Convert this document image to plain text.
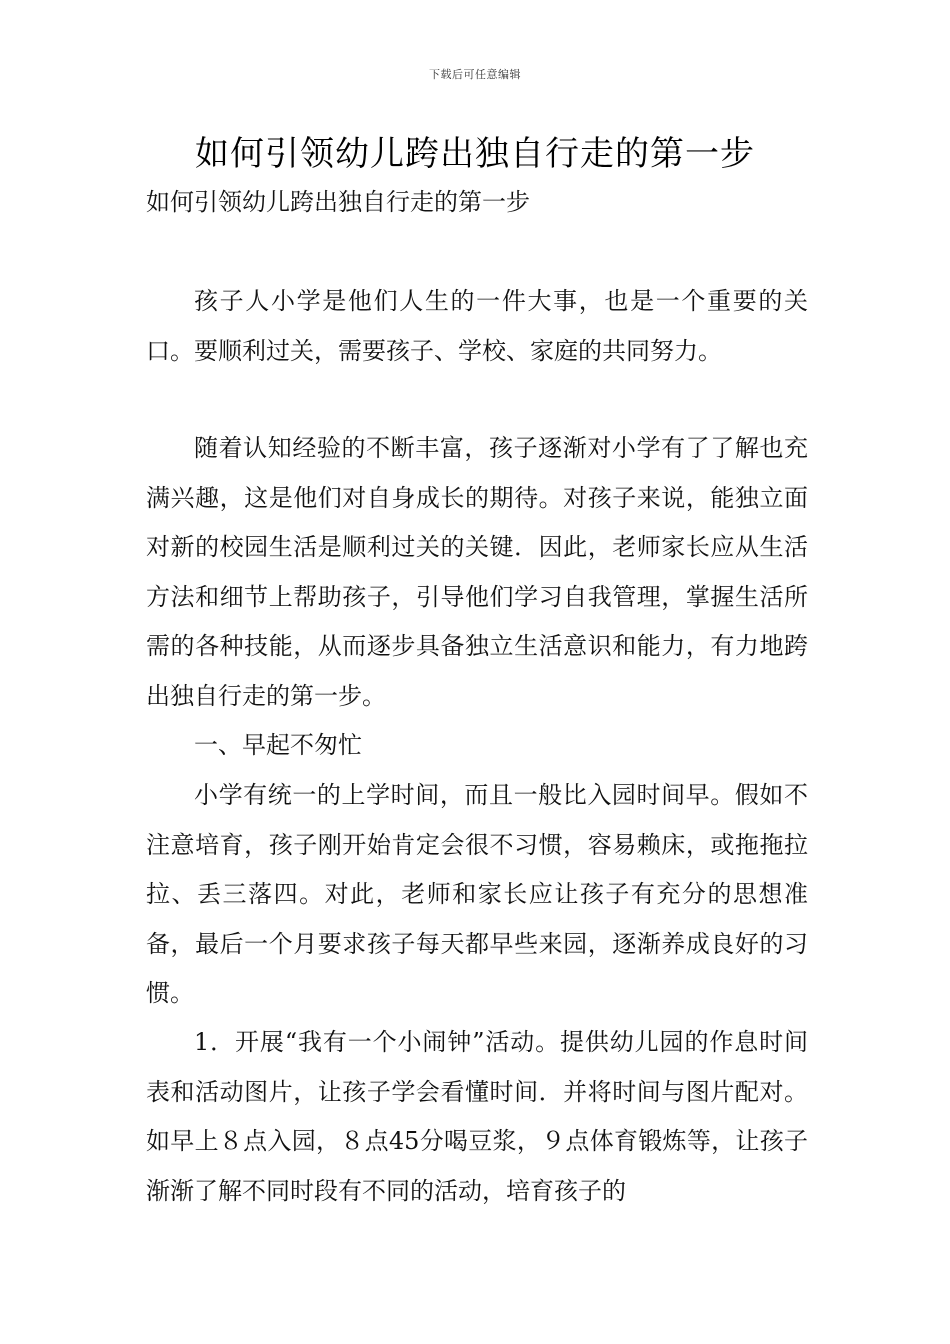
下载后可任意编辑
如何引领幼儿跨出独自行走的第一步

如何引领幼儿跨出独自行走的第一步

孩子人小学是他们人生的一件大事，也是一个重要的关口。要顺利过关，需要孩子、学校、家庭的共同努力。

随着认知经验的不断丰富，孩子逐渐对小学有了了解也充满兴趣，这是他们对自身成长的期待。对孩子来说，能独立面对新的校园生活是顺利过关的关键．因此，老师家长应从生活方法和细节上帮助孩子，引导他们学习自我管理，掌握生活所需的各种技能，从而逐步具备独立生活意识和能力，有力地跨出独自行走的第一步。

一、早起不匆忙

小学有统一的上学时间，而且一般比入园时间早。假如不注意培育，孩子刚开始肯定会很不习惯，容易赖床，或拖拖拉拉、丢三落四。对此，老师和家长应让孩子有充分的思想准备，最后一个月要求孩子每天都早些来园，逐渐养成良好的习惯。

1．开展“我有一个小闹钟”活动。提供幼儿园的作息时间表和活动图片，让孩子学会看懂时间．并将时间与图片配对。如早上８点入园，８点45分喝豆浆，９点体育锻炼等，让孩子渐渐了解不同时段有不同的活动，培育孩子的
